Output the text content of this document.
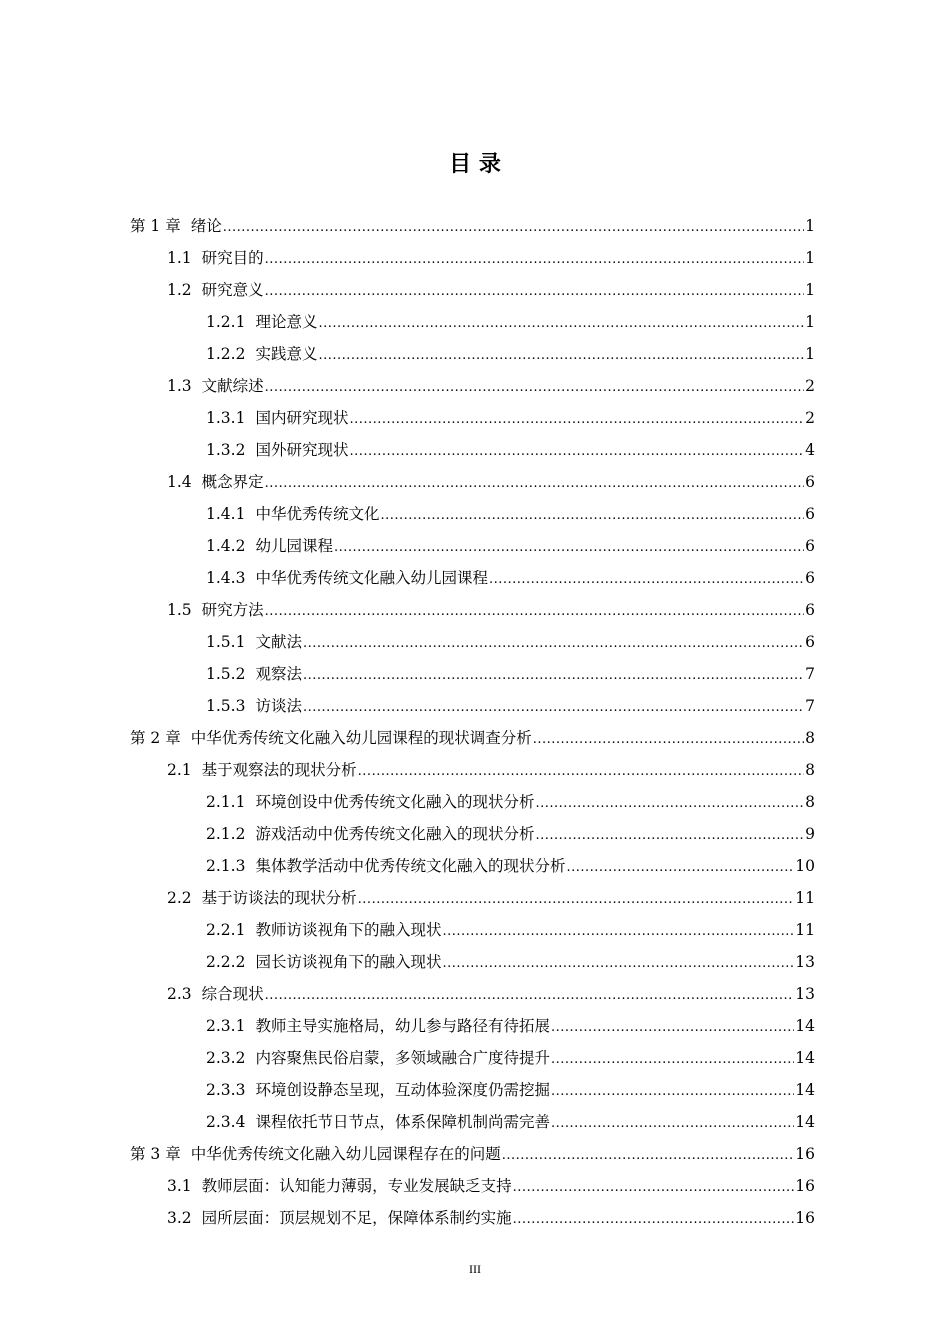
目 录
第 1 章 绪论 .....	1
1.1 研究目的 .....	1
1.2 研究意义 .....	1
1.2.1 理论意义 .....	1
1.2.2 实践意义 .....	1
1.3 文献综述 .....	2
1.3.1 国内研究现状 .....	2
1.3.2 国外研究现状 .....	4
1.4 概念界定 .....	6
1.4.1 中华优秀传统文化 .....	6
1.4.2 幼儿园课程 .....	6
1.4.3 中华优秀传统文化融入幼儿园课程 .....	6
1.5 研究方法 .....	6
1.5.1 文献法 .....	6
1.5.2 观察法 .....	7
1.5.3 访谈法 .....	7
第 2 章 中华优秀传统文化融入幼儿园课程的现状调查分析 .....	8
2.1 基于观察法的现状分析 .....	8
2.1.1 环境创设中优秀传统文化融入的现状分析 .....	8
2.1.2 游戏活动中优秀传统文化融入的现状分析 .....	9
2.1.3 集体教学活动中优秀传统文化融入的现状分析 .....	10
2.2 基于访谈法的现状分析 .....	11
2.2.1 教师访谈视角下的融入现状 .....	11
2.2.2 园长访谈视角下的融入现状 .....	13
2.3 综合现状 .....	13
2.3.1 教师主导实施格局，幼儿参与路径有待拓展 .....	14
2.3.2 内容聚焦民俗启蒙，多领域融合广度待提升 .....	14
2.3.3 环境创设静态呈现，互动体验深度仍需挖掘 .....	14
2.3.4 课程依托节日节点，体系保障机制尚需完善 .....	14
第 3 章 中华优秀传统文化融入幼儿园课程存在的问题 .....	16
3.1 教师层面：认知能力薄弱，专业发展缺乏支持 .....	16
3.2 园所层面：顶层规划不足，保障体系制约实施 .....	16
III
